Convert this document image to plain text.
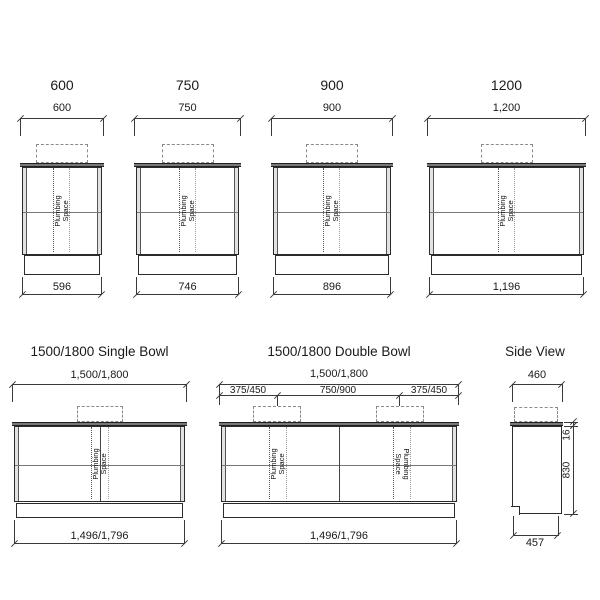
600
600
Plumbing Space
596
750
750
Plumbing Space
746
900
900
Plumbing Space
896
1200
1,200
Plumbing Space
1,196
1500/1800 Single Bowl
1,500/1,800
Plumbing Space
1,496/1,796
1500/1800 Double Bowl
1,500/1,800
375/450	750/900	375/450
Plumbing Space	Plumbing
Space
1,496/1,796
Side View
460
16
830
457
